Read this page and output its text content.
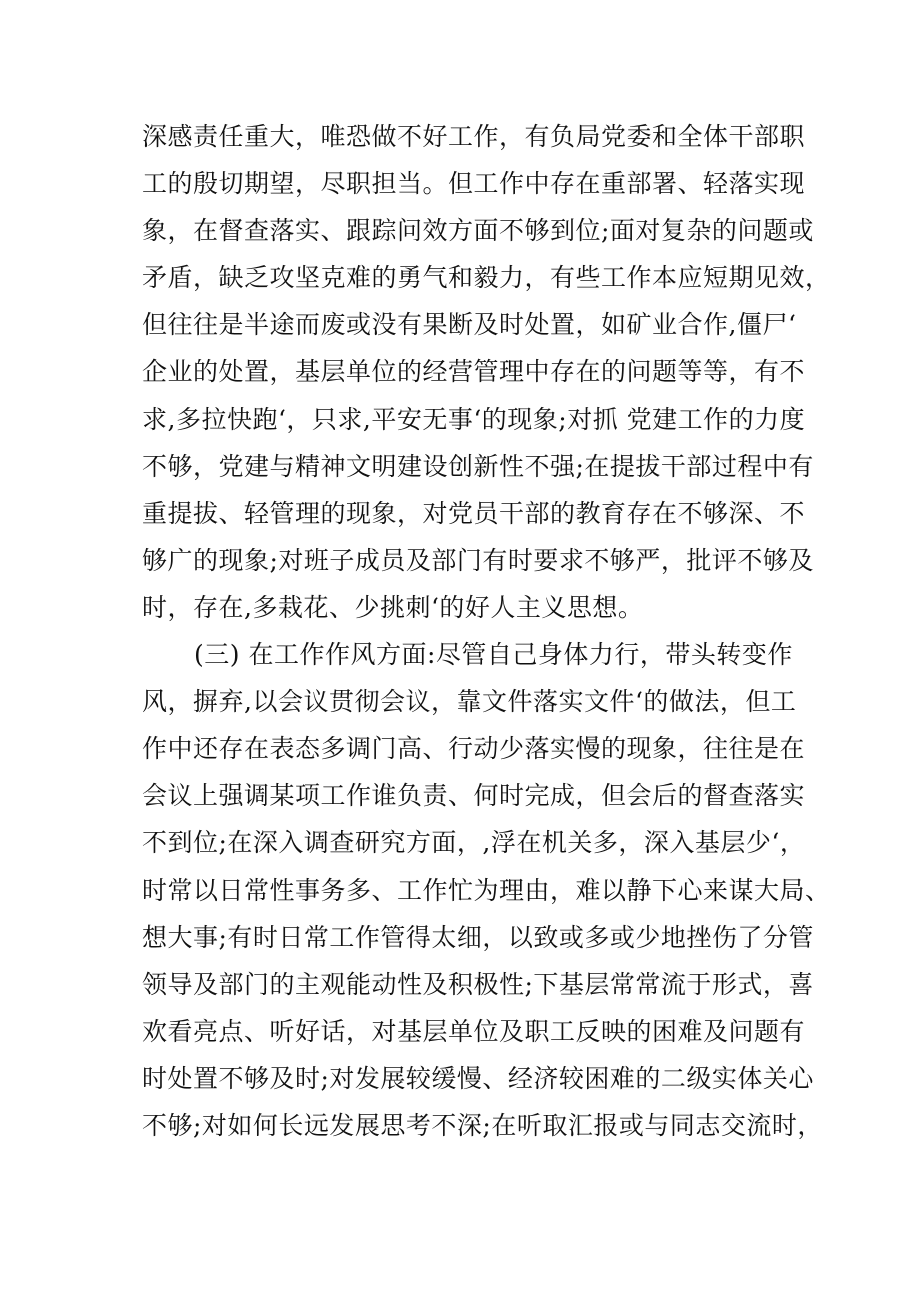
深感责任重大，唯恐做不好工作，有负局党委和全体干部职
工的殷切期望，尽职担当。但工作中存在重部署、轻落实现
象，在督查落实、跟踪问效方面不够到位;面对复杂的问题或
矛盾，缺乏攻坚克难的勇气和毅力，有些工作本应短期见效，
但往往是半途而废或没有果断及时处置，如矿业合作,僵尸‘
企业的处置，基层单位的经营管理中存在的问题等等，有不
求,多拉快跑‘，只求,平安无事‘的现象;对抓 党建工作的力度
不够，党建与精神文明建设创新性不强;在提拔干部过程中有
重提拔、轻管理的现象，对党员干部的教育存在不够深、不
够广的现象;对班子成员及部门有时要求不够严，批评不够及
时，存在,多栽花、少挑刺‘的好人主义思想。
(三) 在工作作风方面:尽管自己身体力行，带头转变作
风，摒弃,以会议贯彻会议，靠文件落实文件‘的做法，但工
作中还存在表态多调门高、行动少落实慢的现象，往往是在
会议上强调某项工作谁负责、何时完成，但会后的督查落实
不到位;在深入调查研究方面，,浮在机关多，深入基层少‘，
时常以日常性事务多、工作忙为理由，难以静下心来谋大局、
想大事;有时日常工作管得太细，以致或多或少地挫伤了分管
领导及部门的主观能动性及积极性;下基层常常流于形式，喜
欢看亮点、听好话，对基层单位及职工反映的困难及问题有
时处置不够及时;对发展较缓慢、经济较困难的二级实体关心
不够;对如何长远发展思考不深;在听取汇报或与同志交流时，
